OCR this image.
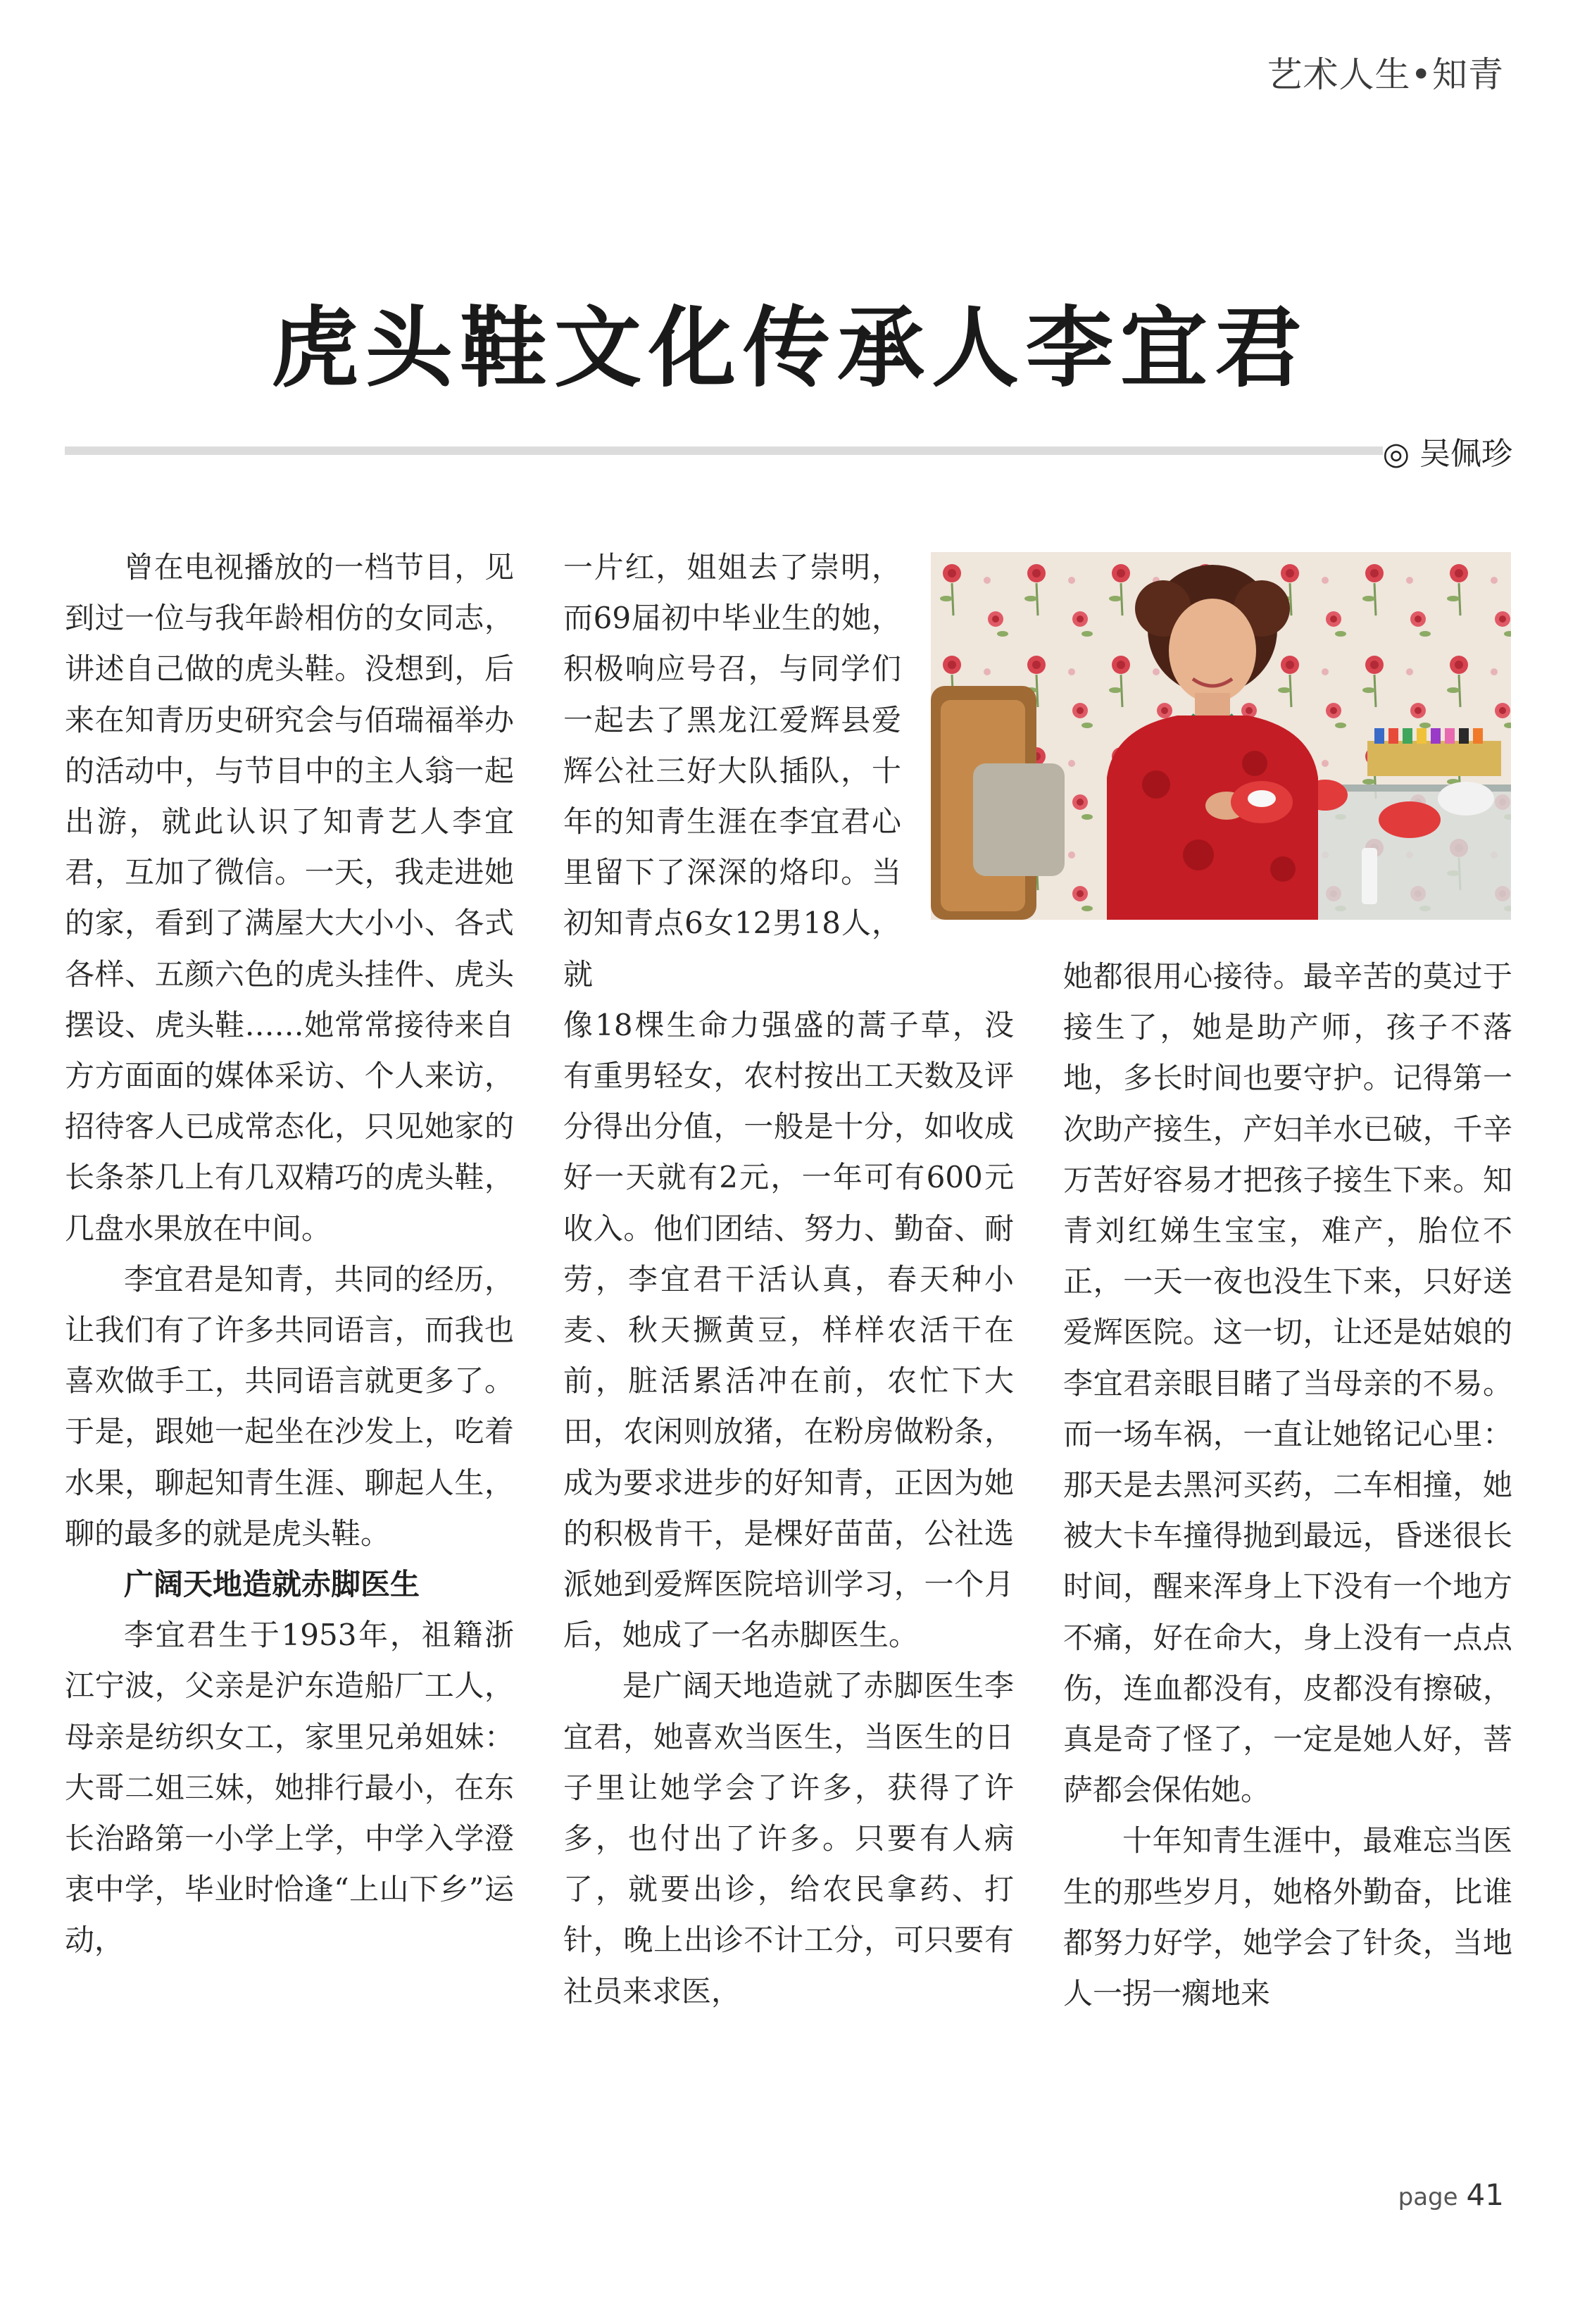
艺术人生•知青
虎头鞋文化传承人李宜君
◎ 吴佩珍

曾在电视播放的一档节目，见到过一位与我年龄相仿的女同志，讲述自己做的虎头鞋。没想到，后来在知青历史研究会与佰瑞福举办的活动中，与节目中的主人翁一起出游，就此认识了知青艺人李宜君，互加了微信。一天，我走进她的家，看到了满屋大大小小、各式各样、五颜六色的虎头挂件、虎头摆设、虎头鞋……她常常接待来自方方面面的媒体采访、个人来访，招待客人已成常态化，只见她家的长条茶几上有几双精巧的虎头鞋，几盘水果放在中间。

李宜君是知青，共同的经历，让我们有了许多共同语言，而我也喜欢做手工，共同语言就更多了。于是，跟她一起坐在沙发上，吃着水果，聊起知青生涯、聊起人生，聊的最多的就是虎头鞋。

广阔天地造就赤脚医生

李宜君生于1953年，祖籍浙江宁波，父亲是沪东造船厂工人，母亲是纺织女工，家里兄弟姐妹：大哥二姐三妹，她排行最小，在东长治路第一小学上学，中学入学澄衷中学，毕业时恰逢“上山下乡”运动，

一片红，姐姐去了崇明，而69届初中毕业生的她，积极响应号召，与同学们一起去了黑龙江爱辉县爱辉公社三好大队插队，十年的知青生涯在李宜君心里留下了深深的烙印。当初知青点6女12男18人，就

像18棵生命力强盛的蒿子草，没有重男轻女，农村按出工天数及评分得出分值，一般是十分，如收成好一天就有2元，一年可有600元收入。他们团结、努力、勤奋、耐劳，李宜君干活认真，春天种小麦、秋天撅黄豆，样样农活干在前，脏活累活冲在前，农忙下大田，农闲则放猪，在粉房做粉条，成为要求进步的好知青，正因为她的积极肯干，是棵好苗苗，公社选派她到爱辉医院培训学习，一个月后，她成了一名赤脚医生。

是广阔天地造就了赤脚医生李宜君，她喜欢当医生，当医生的日子里让她学会了许多，获得了许多，也付出了许多。只要有人病了，就要出诊，给农民拿药、打针，晚上出诊不计工分，可只要有社员来求医，

她都很用心接待。最辛苦的莫过于接生了，她是助产师，孩子不落地，多长时间也要守护。记得第一次助产接生，产妇羊水已破，千辛万苦好容易才把孩子接生下来。知青刘红娣生宝宝，难产，胎位不正，一天一夜也没生下来，只好送爱辉医院。这一切，让还是姑娘的李宜君亲眼目睹了当母亲的不易。而一场车祸，一直让她铭记心里：那天是去黑河买药，二车相撞，她被大卡车撞得抛到最远，昏迷很长时间，醒来浑身上下没有一个地方不痛，好在命大，身上没有一点点伤，连血都没有，皮都没有擦破，真是奇了怪了，一定是她人好，菩萨都会保佑她。

十年知青生涯中，最难忘当医生的那些岁月，她格外勤奋，比谁都努力好学，她学会了针灸，当地人一拐一瘸地来

page 41
